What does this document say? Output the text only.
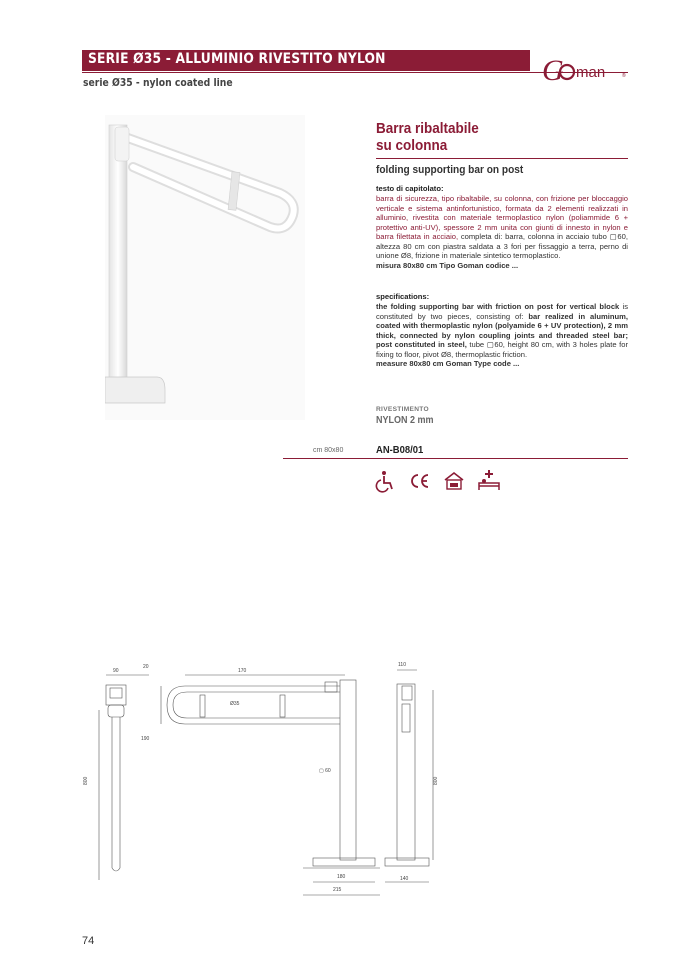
SERIE Ø35 - ALLUMINIO RIVESTITO NYLON
serie Ø35 - nylon coated line	G man	®
Barra ribaltabile
su colonna
folding supporting bar on post
testo di capitolato:
barra di sicurezza, tipo ribaltabile, su colonna, con frizione per bloccaggio verticale e sistema antinfortunistico, formata da 2 elementi realizzati in alluminio, rivestita con materiale termoplastico nylon (poliammide 6 + protettivo anti-UV), spessore 2 mm unita con giunti di innesto in nylon e barra filettata in acciaio, completa di: barra, colonna in acciaio tubo ▢60, altezza 80 cm con piastra saldata a 3 fori per fissaggio a terra, perno di unione Ø8, frizione in materiale sintetico termoplastico.
misura 80x80 cm Tipo Goman codice ...
specifications:
the folding supporting bar with friction on post for vertical block is constituted by two pieces, consisting of: bar realized in aluminum, coated with thermoplastic nylon (polyamide 6 + UV protection), 2 mm thick, connected by nylon coupling joints and threaded steel bar; post constituted in steel, tube ▢60, height 80 cm, with 3 holes plate for fixing to floor, pivot Ø8, thermoplastic friction.
measure 80x80 cm Goman Type code ...
RIVESTIMENTO
NYLON 2 mm
cm 80x80	AN-B08/01
90
20
170
Ø35
190
800
▢ 60
180
215
110
800
140
74
